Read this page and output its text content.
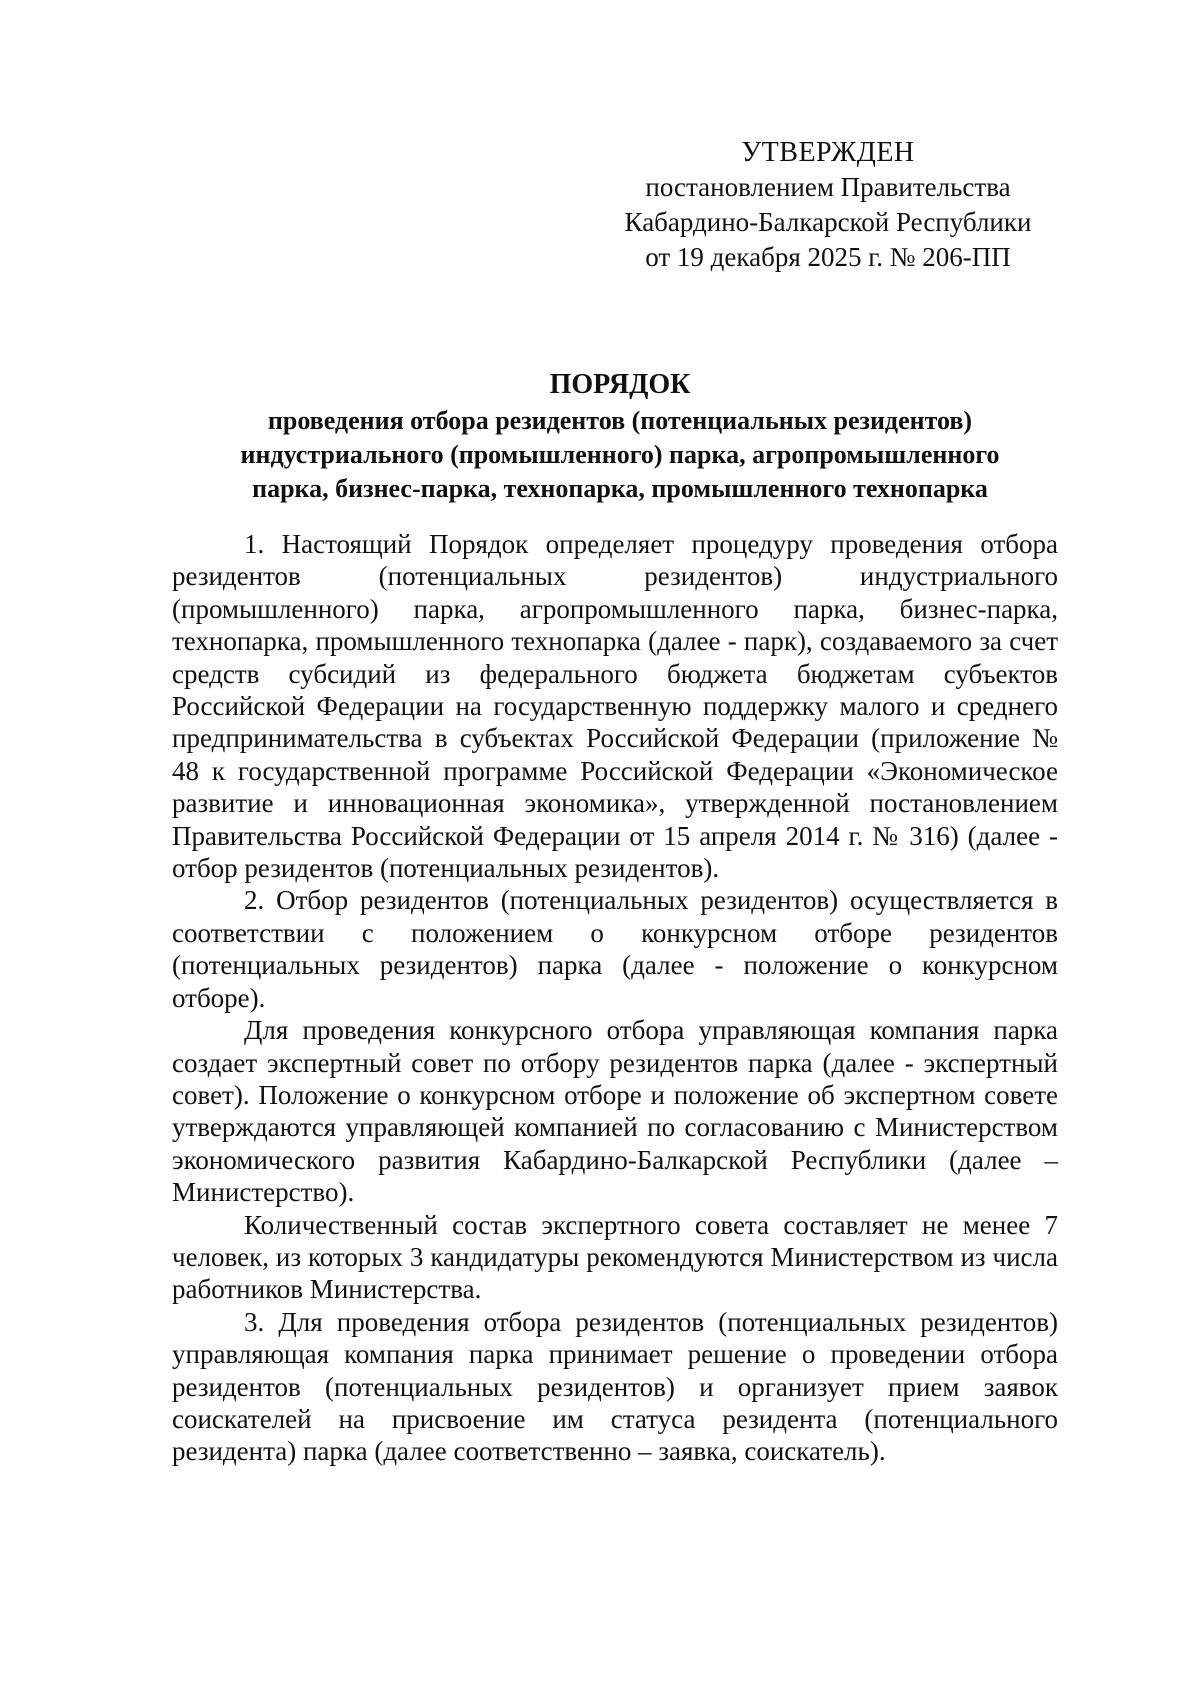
УТВЕРЖДЕН
постановлением Правительства
Кабардино-Балкарской Республики
от 19 декабря 2025 г. № 206-ПП
ПОРЯДОК
проведения отбора резидентов (потенциальных резидентов)
индустриального (промышленного) парка, агропромышленного
парка, бизнес-парка, технопарка, промышленного технопарка

1. Настоящий Порядок определяет процедуру проведения отбора резидентов (потенциальных резидентов) индустриального (промышленного) парка, агропромышленного парка, бизнес-парка, технопарка, промышленного технопарка (далее - парк), создаваемого за счет средств субсидий из федерального бюджета бюджетам субъектов Российской Федерации на государственную поддержку малого и среднего предпринимательства в субъектах Российской Федерации (приложение № 48 к государственной программе Российской Федерации «Экономическое развитие и инновационная экономика», утвержденной постановлением Правительства Российской Федерации от 15 апреля 2014 г. № 316) (далее - отбор резидентов (потенциальных резидентов).

2. Отбор резидентов (потенциальных резидентов) осуществляется в соответствии с положением о конкурсном отборе резидентов (потенциальных резидентов) парка (далее - положение о конкурсном отборе).

Для проведения конкурсного отбора управляющая компания парка создает экспертный совет по отбору резидентов парка (далее - экспертный совет). Положение о конкурсном отборе и положение об экспертном совете утверждаются управляющей компанией по согласованию с Министерством экономического развития Кабардино-Балкарской Республики (далее – Министерство).

Количественный состав экспертного совета составляет не менее 7 человек, из которых 3 кандидатуры рекомендуются Министерством из числа работников Министерства.

3. Для проведения отбора резидентов (потенциальных резидентов) управляющая компания парка принимает решение о проведении отбора резидентов (потенциальных резидентов) и организует прием заявок соискателей на присвоение им статуса резидента (потенциального резидента) парка (далее соответственно – заявка, соискатель).
